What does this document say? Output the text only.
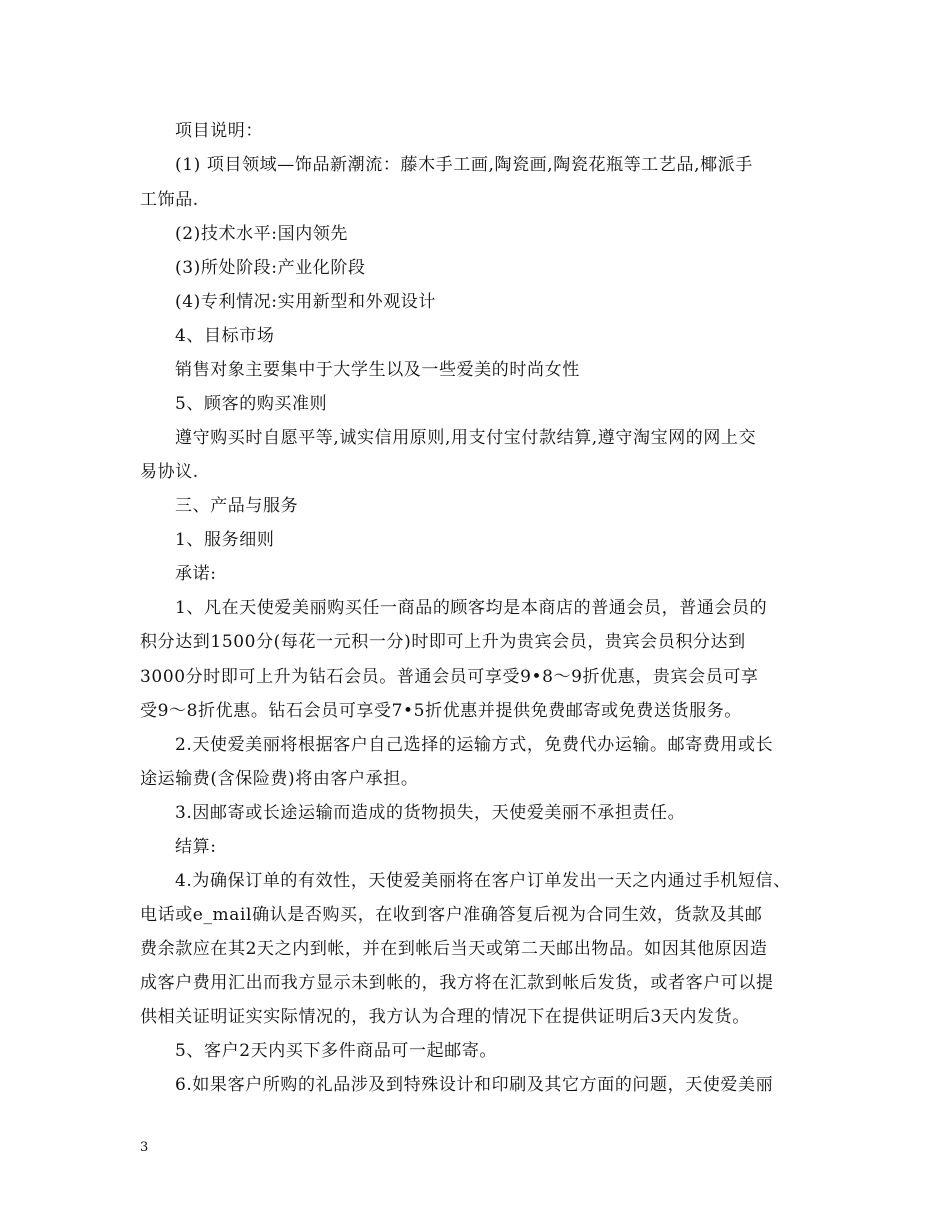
项目说明：
(1) 项目领域—饰品新潮流：藤木手工画,陶瓷画,陶瓷花瓶等工艺品,椰派手
工饰品.
(2)技术水平:国内领先
(3)所处阶段:产业化阶段
(4)专利情况:实用新型和外观设计
4、目标市场
销售对象主要集中于大学生以及一些爱美的时尚女性
5、顾客的购买准则
遵守购买时自愿平等,诚实信用原则,用支付宝付款结算,遵守淘宝网的网上交
易协议.
三、产品与服务
1、服务细则
承诺:
1、凡在天使爱美丽购买任一商品的顾客均是本商店的普通会员，普通会员的
积分达到1500分(每花一元积一分)时即可上升为贵宾会员，贵宾会员积分达到
3000分时即可上升为钻石会员。普通会员可享受9•8～9折优惠，贵宾会员可享
受9～8折优惠。钻石会员可享受7•5折优惠并提供免费邮寄或免费送货服务。
2.天使爱美丽将根据客户自己选择的运输方式，免费代办运输。邮寄费用或长
途运输费(含保险费)将由客户承担。
3.因邮寄或长途运输而造成的货物损失，天使爱美丽不承担责任。
结算:
4.为确保订单的有效性，天使爱美丽将在客户订单发出一天之内通过手机短信、
电话或e_mail确认是否购买，在收到客户准确答复后视为合同生效，货款及其邮
费余款应在其2天之内到帐，并在到帐后当天或第二天邮出物品。如因其他原因造
成客户费用汇出而我方显示未到帐的，我方将在汇款到帐后发货，或者客户可以提
供相关证明证实实际情况的，我方认为合理的情况下在提供证明后3天内发货。
5、客户2天内买下多件商品可一起邮寄。
6.如果客户所购的礼品涉及到特殊设计和印刷及其它方面的问题，天使爱美丽
3
